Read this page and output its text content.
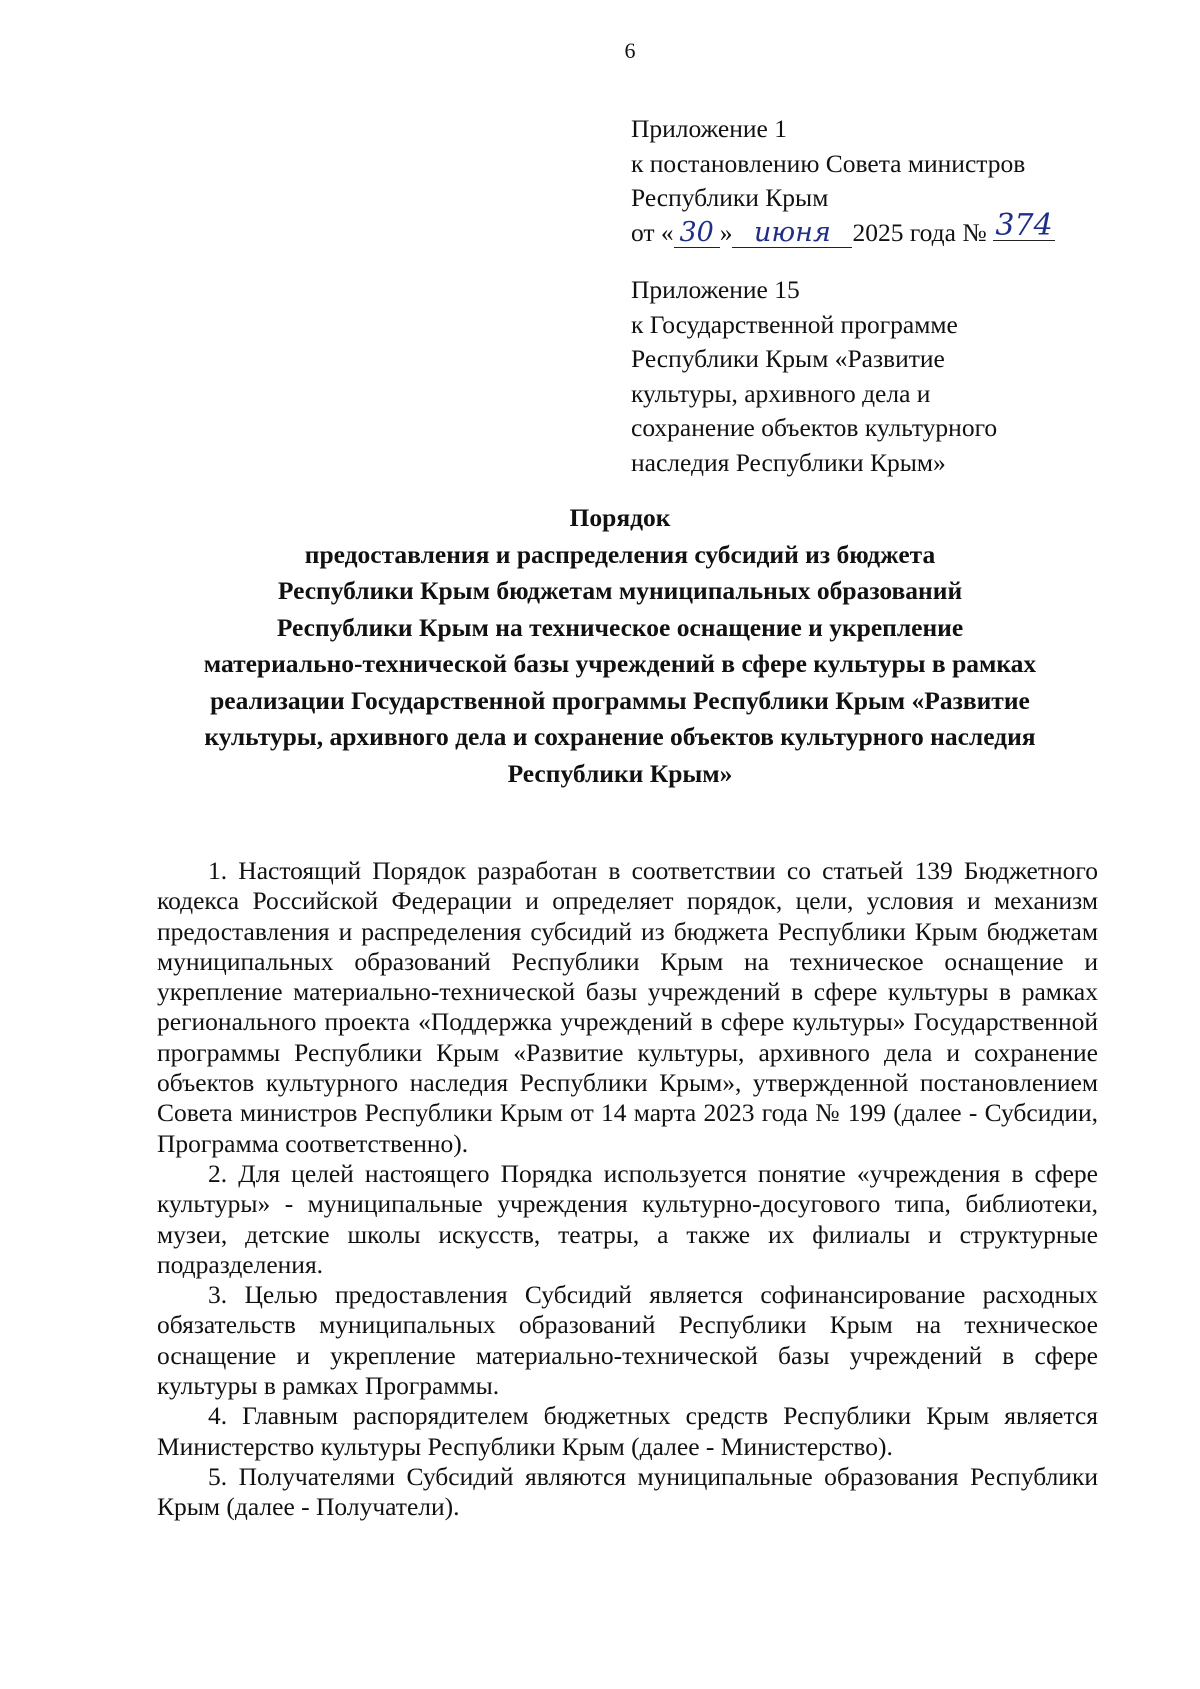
6
Приложение 1
к постановлению Совета министров
Республики Крым
от « 30 » июня 2025 года № 374
Приложение 15
к Государственной программе
Республики Крым «Развитие
культуры, архивного дела и
сохранение объектов культурного
наследия Республики Крым»
Порядок
предоставления и распределения субсидий из бюджета
Республики Крым бюджетам муниципальных образований
Республики Крым на техническое оснащение и укрепление
материально-технической базы учреждений в сфере культуры в рамках
реализации Государственной программы Республики Крым «Развитие
культуры, архивного дела и сохранение объектов культурного наследия
Республики Крым»

1. Настоящий Порядок разработан в соответствии со статьей 139 Бюджетного кодекса Российской Федерации и определяет порядок, цели, условия и механизм предоставления и распределения субсидий из бюджета Республики Крым бюджетам муниципальных образований Республики Крым на техническое оснащение и укрепление материально-технической базы учреждений в сфере культуры в рамках регионального проекта «Поддержка учреждений в сфере культуры» Государственной программы Республики Крым «Развитие культуры, архивного дела и сохранение объектов культурного наследия Республики Крым», утвержденной постановлением Совета министров Республики Крым от 14 марта 2023 года № 199 (далее - Субсидии, Программа соответственно).

2. Для целей настоящего Порядка используется понятие «учреждения в сфере культуры» - муниципальные учреждения культурно-досугового типа, библиотеки, музеи, детские школы искусств, театры, а также их филиалы и структурные подразделения.

3. Целью предоставления Субсидий является софинансирование расходных обязательств муниципальных образований Республики Крым на техническое оснащение и укрепление материально-технической базы учреждений в сфере культуры в рамках Программы.

4. Главным распорядителем бюджетных средств Республики Крым является Министерство культуры Республики Крым (далее - Министерство).

5. Получателями Субсидий являются муниципальные образования Республики Крым (далее - Получатели).
